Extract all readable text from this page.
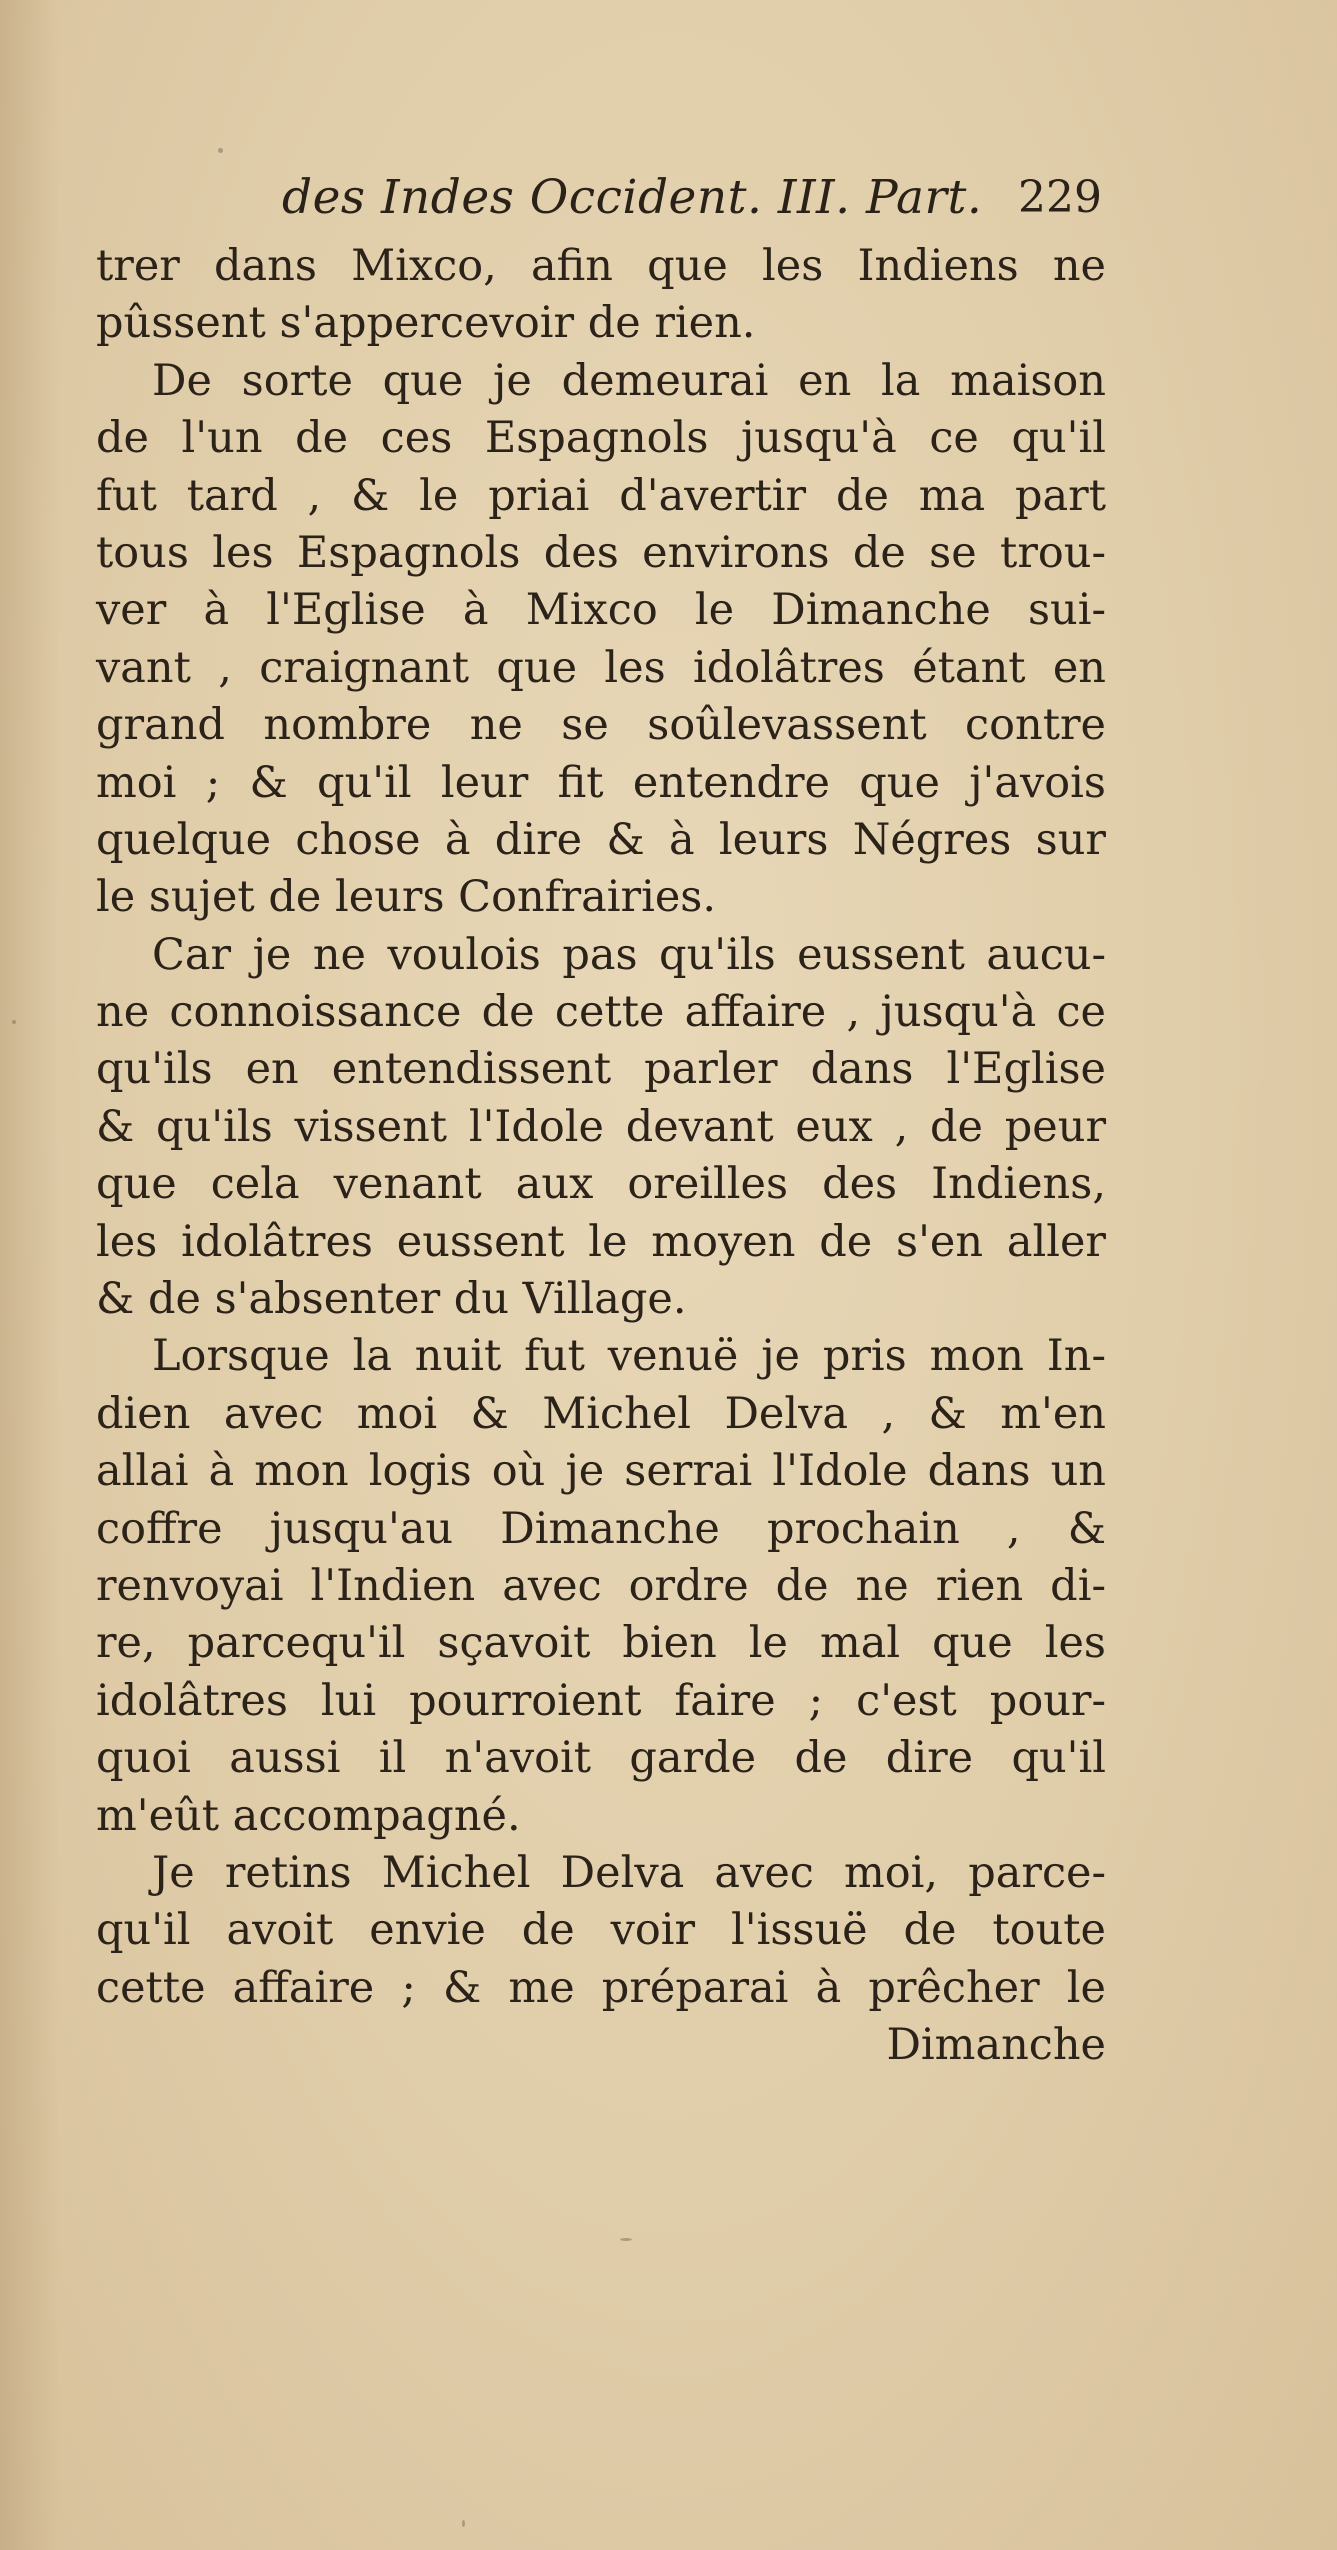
des Indes Occident. III. Part. 229
trer dans Mixco, afin que les Indiens ne
pûssent s'appercevoir de rien.
De sorte que je demeurai en la maison
de l'un de ces Espagnols jusqu'à ce qu'il
fut tard , & le priai d'avertir de ma part
tous les Espagnols des environs de se trou-
ver à l'Eglise à Mixco le Dimanche sui-
vant , craignant que les idolâtres étant en
grand nombre ne se soûlevassent contre
moi ; & qu'il leur fit entendre que j'avois
quelque chose à dire & à leurs Négres sur
le sujet de leurs Confrairies.
Car je ne voulois pas qu'ils eussent aucu-
ne connoissance de cette affaire , jusqu'à ce
qu'ils en entendissent parler dans l'Eglise
& qu'ils vissent l'Idole devant eux , de peur
que cela venant aux oreilles des Indiens,
les idolâtres eussent le moyen de s'en aller
& de s'absenter du Village.
Lorsque la nuit fut venuë je pris mon In-
dien avec moi & Michel Delva , & m'en
allai à mon logis où je serrai l'Idole dans un
coffre jusqu'au Dimanche prochain , &
renvoyai l'Indien avec ordre de ne rien di-
re, parcequ'il sçavoit bien le mal que les
idolâtres lui pourroient faire ; c'est pour-
quoi aussi il n'avoit garde de dire qu'il
m'eût accompagné.
Je retins Michel Delva avec moi, parce-
qu'il avoit envie de voir l'issuë de toute
cette affaire ; & me préparai à prêcher le
Dimanche
